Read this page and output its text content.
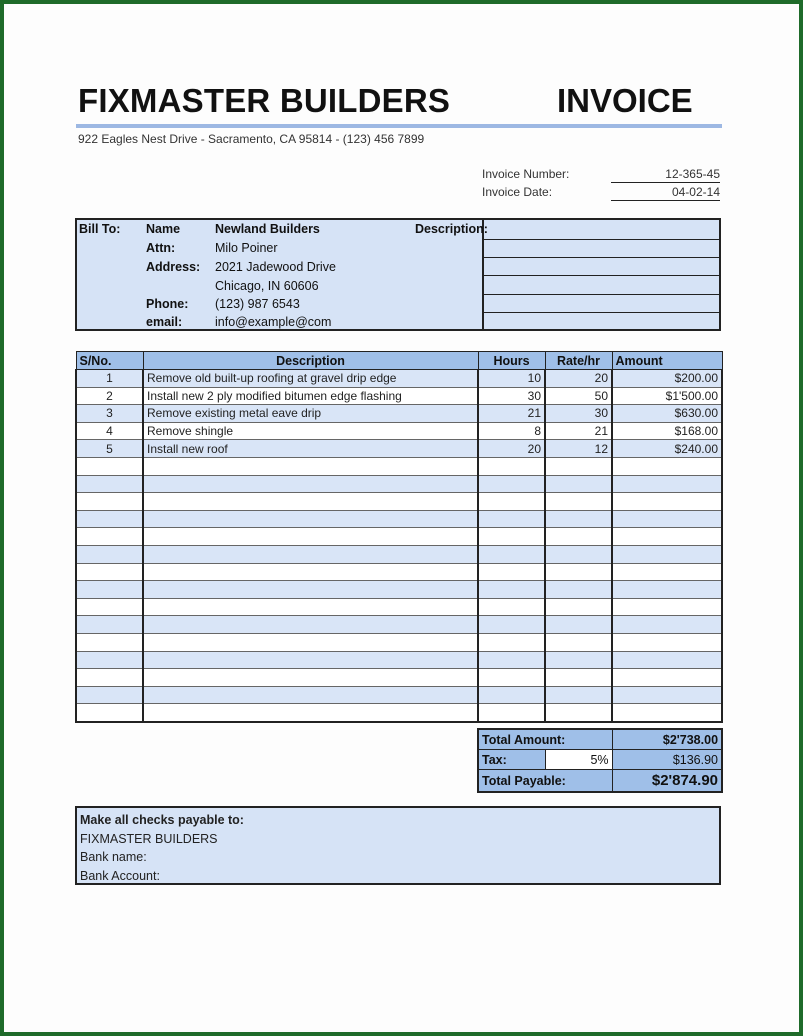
FIXMASTER BUILDERS	INVOICE
922 Eagles Nest Drive - Sacramento, CA 95814 - (123) 456 7899
Invoice Number:	12-365-45
Invoice Date:	04-02-14
Bill To: Name	Newland Builders
Attn:	Milo Poiner
Address: 2021 Jadewood Drive
Chicago, IN 60606
Phone: (123) 987 6543
email:	info@example@com
Description:
S/No.	Description	Hours	Rate/hr	Amount
1	Remove old built-up roofing at gravel drip edge	10	20	$200.00
2	Install new 2 ply modified bitumen edge flashing	30	50	$1'500.00
3	Remove existing metal eave drip	21	30	$630.00
4	Remove shingle	8	21	$168.00
5	Install new roof	20	12	$240.00

Total Amount:		$2'738.00
Tax:	5%	$136.90
Total Payable:		$2'874.90
Make all checks payable to:
FIXMASTER BUILDERS
Bank name:
Bank Account:
